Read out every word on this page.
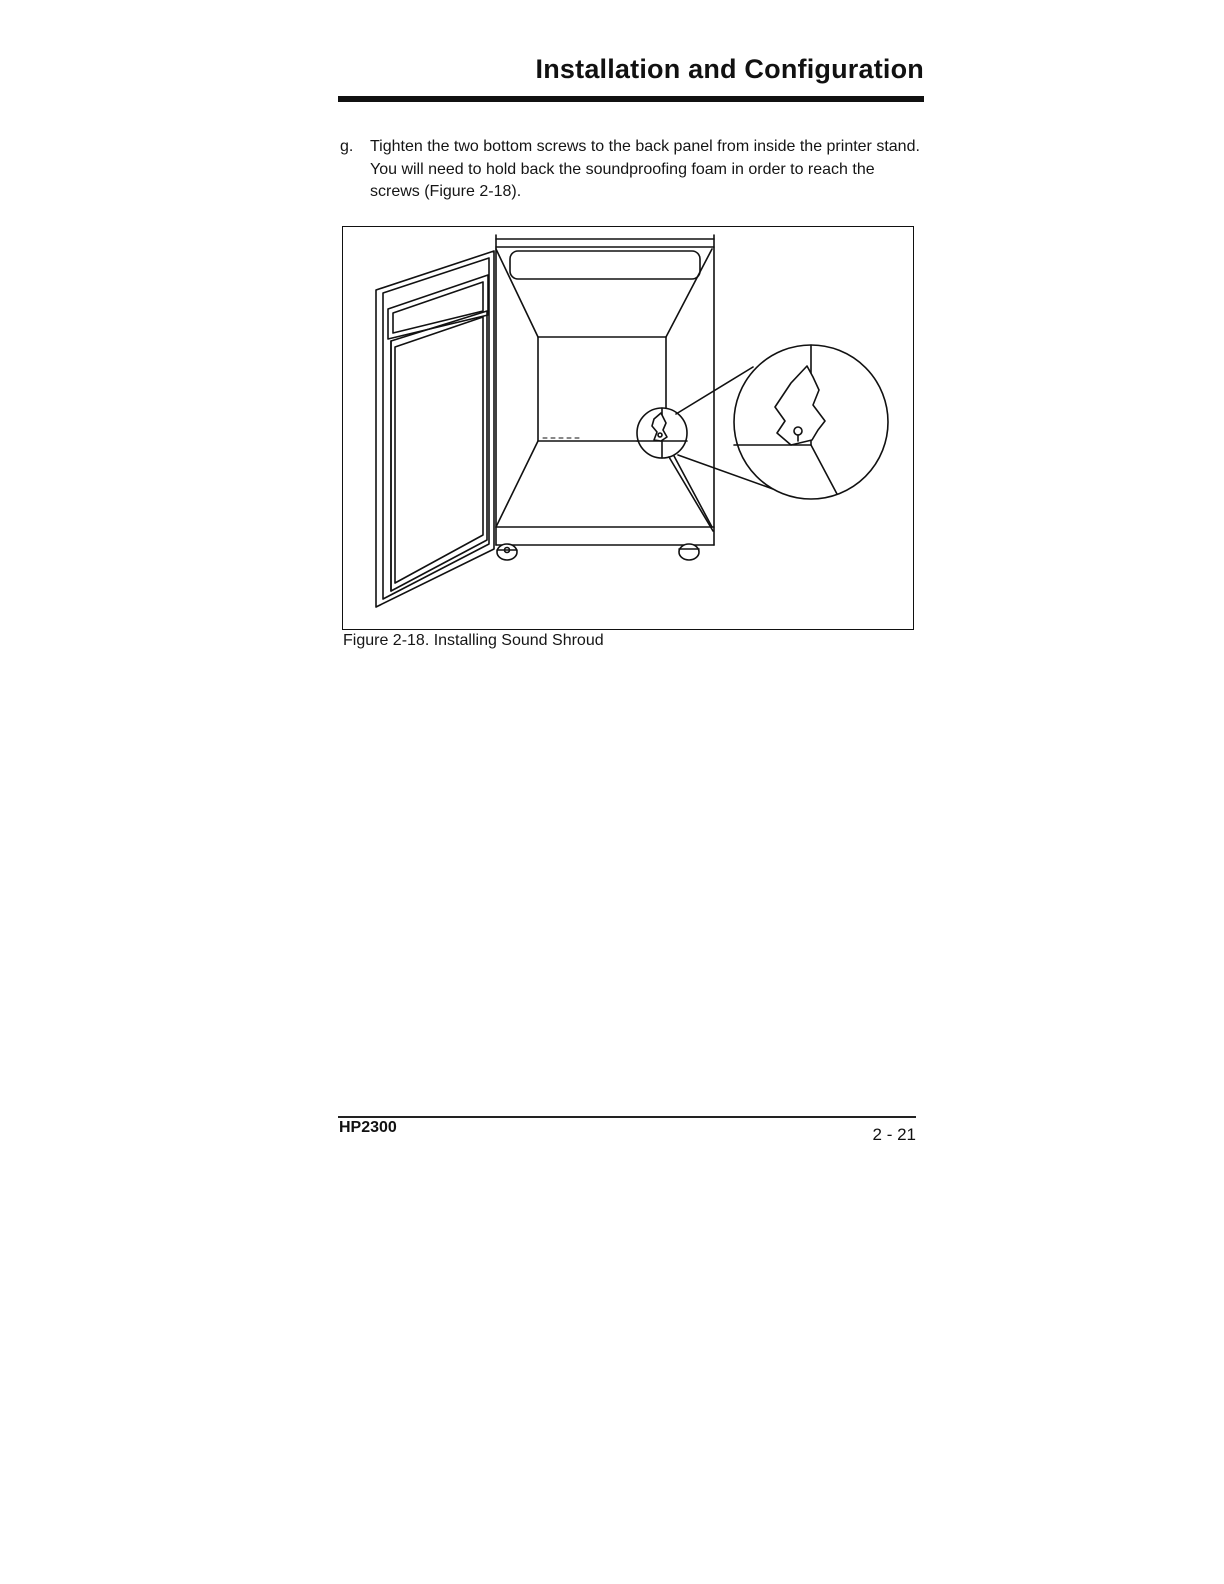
Installation and Configuration
g. Tighten the two bottom screws to the back panel from inside the printer stand. You will need to hold back the soundproofing foam in order to reach the screws (Figure 2-18).
Figure 2-18. Installing Sound Shroud
HP2300	2 - 21
